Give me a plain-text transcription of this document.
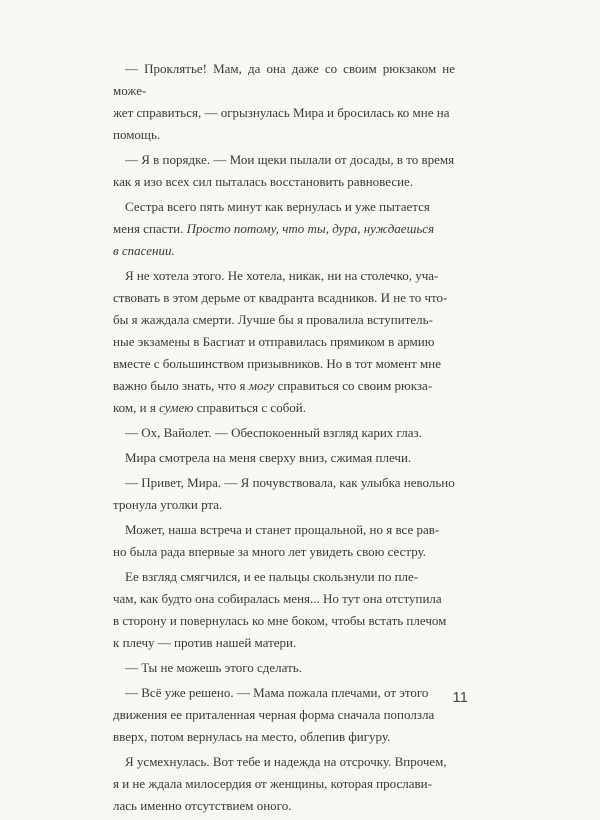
— Проклятье! Мам, да она даже со своим рюкзаком не може‑
жет справиться, — огрызнулась Мира и бросилась ко мне на
помощь.

— Я в порядке. — Мои щеки пылали от досады, в то время
как я изо всех сил пыталась восстановить равновесие.

Сестра всего пять минут как вернулась и уже пытается
меня спасти. Просто потому, что ты, дура, нуждаешься
в спасении.

Я не хотела этого. Не хотела, никак, ни на столечко, уча‑
ствовать в этом дерьме от квадранта всадников. И не то что‑
бы я жаждала смерти. Лучше бы я провалила вступитель‑
ные экзамены в Басгиат и отправилась прямиком в армию
вместе с большинством призывников. Но в тот момент мне
важно было знать, что я могу справиться со своим рюкза‑
ком, и я сумею справиться с собой.

— Ох, Вайолет. — Обеспокоенный взгляд карих глаз.

Мира смотрела на меня сверху вниз, сжимая плечи.

— Привет, Мира. — Я почувствовала, как улыбка невольно
тронула уголки рта.

Может, наша встреча и станет прощальной, но я все рав‑
но была рада впервые за много лет увидеть свою сестру.

Ее взгляд смягчился, и ее пальцы скользнули по пле‑
чам, как будто она собиралась меня... Но тут она отступила
в сторону и повернулась ко мне боком, чтобы встать плечом
к плечу — против нашей матери.

— Ты не можешь этого сделать.

— Всё уже решено. — Мама пожала плечами, от этого
движения ее приталенная черная форма сначала поползла
вверх, потом вернулась на место, облепив фигуру.

Я усмехнулась. Вот тебе и надежда на отсрочку. Впрочем,
я и не ждала милосердия от женщины, которая прослави‑
лась именно отсутствием оного.

11
